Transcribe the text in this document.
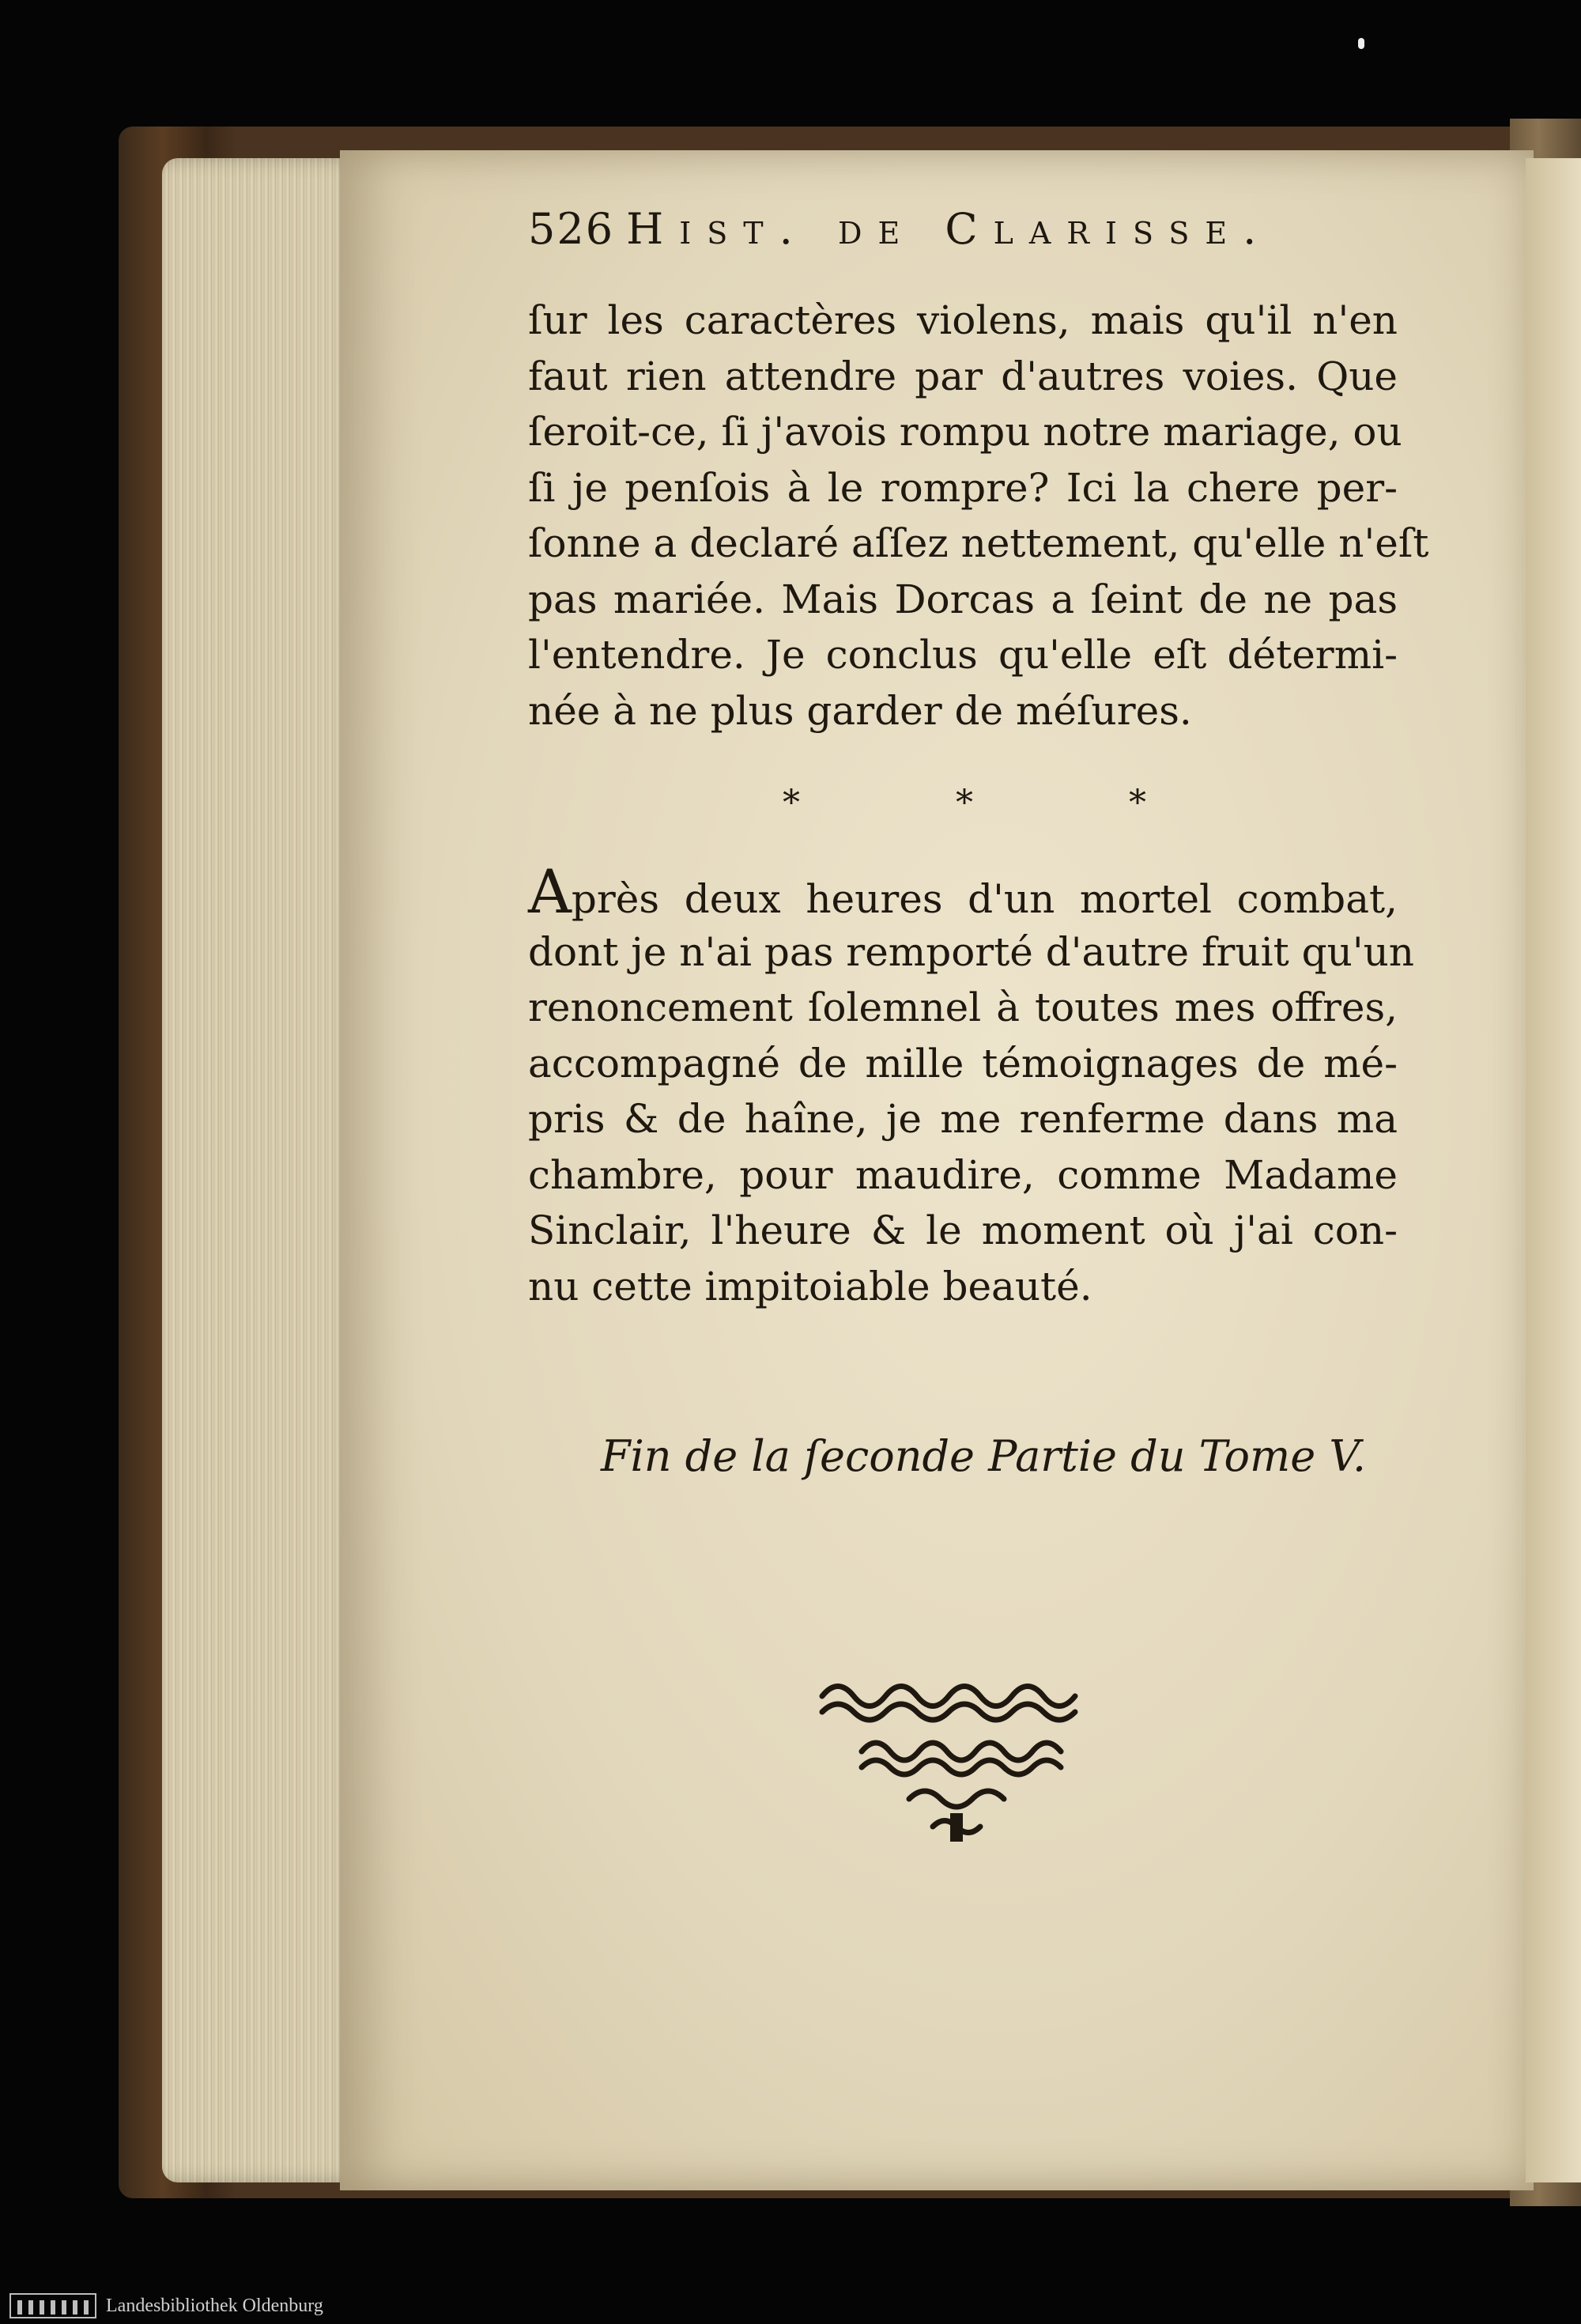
526 Hist. de Clarisse.
ſur les caractères violens, mais qu'il n'en
faut rien attendre par d'autres voies. Que
ſeroit-ce, ſi j'avois rompu notre mariage, ou
ſi je penſois à le rompre? Ici la chere per-
ſonne a declaré aſſez nettement, qu'elle n'eſt
pas mariée. Mais Dorcas a ſeint de ne pas
l'entendre. Je conclus qu'elle eſt détermi-
née à ne plus garder de méſures.
*	*	*
Après deux heures d'un mortel combat,
dont je n'ai pas remporté d'autre fruit qu'un
renoncement ſolemnel à toutes mes offres,
accompagné de mille témoignages de mé-
pris & de haîne, je me renferme dans ma
chambre, pour maudire, comme Madame
Sinclair, l'heure & le moment où j'ai con-
nu cette impitoiable beauté.
Fin de la ſeconde Partie du Tome V.
Landesbibliothek Oldenburg
